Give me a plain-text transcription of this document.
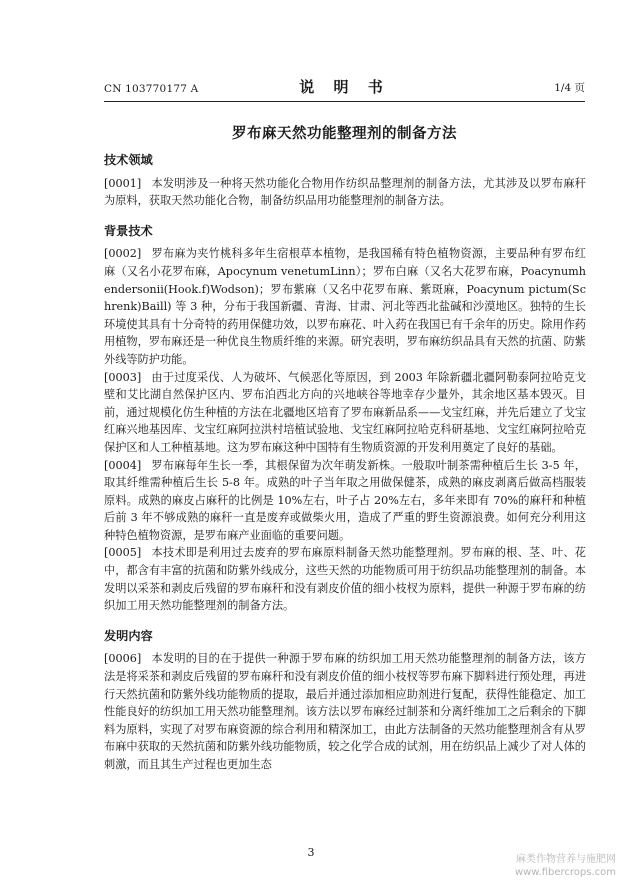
CN 103770177 A	说 明 书	1/4 页
罗布麻天然功能整理剂的制备方法
技术领域

[0001] 本发明涉及一种将天然功能化合物用作纺织品整理剂的制备方法，尤其涉及以罗布麻秆为原料，获取天然功能化合物，制备纺织品用功能整理剂的制备方法。

背景技术

[0002] 罗布麻为夹竹桃科多年生宿根草本植物，是我国稀有特色植物资源，主要品种有罗布红麻（又名小花罗布麻，Apocynum venetumLinn）；罗布白麻（又名大花罗布麻，Poacynumhendersonii(Hook.f)Wodson)；罗布紫麻（又名中花罗布麻、紫斑麻，Poacynum pictum(Schrenk)Baill) 等 3 种，分布于我国新疆、青海、甘肃、河北等西北盐碱和沙漠地区。独特的生长环境使其具有十分奇特的药用保健功效，以罗布麻花、叶入药在我国已有千余年的历史。除用作药用植物，罗布麻还是一种优良生物质纤维的来源。研究表明，罗布麻纺织品具有天然的抗菌、防紫外线等防护功能。

[0003] 由于过度采伐、人为破坏、气候恶化等原因，到 2003 年除新疆北疆阿勒泰阿拉哈克戈壁和艾比湖自然保护区内、罗布泊西北方向的兴地峡谷等地幸存少量外，其余地区基本毁灭。目前，通过规模化仿生种植的方法在北疆地区培育了罗布麻新品系——戈宝红麻，并先后建立了戈宝红麻兴地基因库、戈宝红麻阿拉洪村培植试验地、戈宝红麻阿拉哈克科研基地、戈宝红麻阿拉哈克保护区和人工种植基地。这为罗布麻这种中国特有生物质资源的开发利用奠定了良好的基础。

[0004] 罗布麻每年生长一季，其根保留为次年萌发新株。一般取叶制茶需种植后生长 3-5 年，取其纤维需种植后生长 5-8 年。成熟的叶子当年取之用做保健茶，成熟的麻皮剥离后做高档服装原料。成熟的麻皮占麻秆的比例是 10%左右，叶子占 20%左右，多年来即有 70%的麻秆和种植后前 3 年不够成熟的麻秆一直是废弃或做柴火用，造成了严重的野生资源浪费。如何充分利用这种特色植物资源，是罗布麻产业面临的重要问题。

[0005] 本技术即是利用过去废弃的罗布麻原料制备天然功能整理剂。罗布麻的根、茎、叶、花中，都含有丰富的抗菌和防紫外线成分，这些天然的功能物质可用于纺织品功能整理剂的制备。本发明以采茶和剥皮后残留的罗布麻秆和没有剥皮价值的细小枝杈为原料，提供一种源于罗布麻的纺织加工用天然功能整理剂的制备方法。

发明内容

[0006] 本发明的目的在于提供一种源于罗布麻的纺织加工用天然功能整理剂的制备方法，该方法是将采茶和剥皮后残留的罗布麻秆和没有剥皮价值的细小枝杈等罗布麻下脚料进行预处理，再进行天然抗菌和防紫外线功能物质的提取，最后并通过添加相应助剂进行复配，获得性能稳定、加工性能良好的纺织加工用天然功能整理剂。该方法以罗布麻经过制茶和分离纤维加工之后剩余的下脚料为原料，实现了对罗布麻资源的综合利用和精深加工，由此方法制备的天然功能整理剂含有从罗布麻中获取的天然抗菌和防紫外线功能物质，较之化学合成的试剂，用在纺织品上减少了对人体的刺激，而且其生产过程也更加生态

3
麻类作物营养与施肥网
www.fibercrops.com
